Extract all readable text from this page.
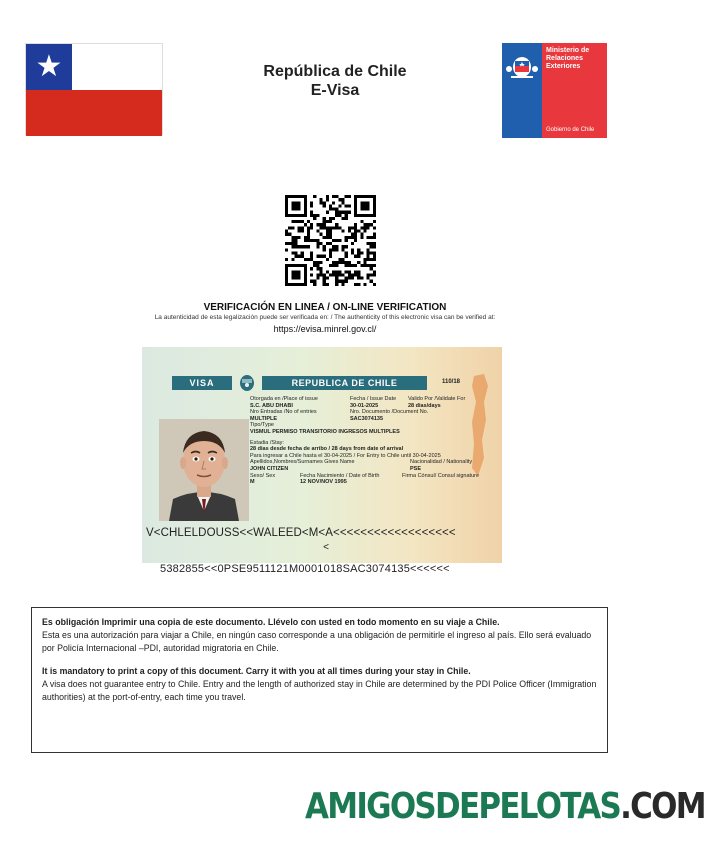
★	República de Chile
E-Visa
Ministerio de
Relaciones
Exteriores
Gobierno de Chile
VERIFICACIÓN EN LINEA / ON-LINE VERIFICATION
La autenticidad de esta legalización puede ser verificada en: / The authenticity of this electronic visa can be verified at:
https://evisa.minrel.gov.cl/
VISA	REPUBLICA DE CHILE	110/18
Otorgada en /Place of issue	Fecha / Issue Date	Valido Por /Validate For
S.C. ABU DHABI	30-01-2025	28 dias/days
Nro Entradas /No of entries	Nro. Documento /Document No.
MULTIPLE	SAC3074135
Tipo/Type
VISMUL PERMISO TRANSITORIO INGRESOS MULTIPLES
Estadia /Stay:
28 dias desde fecha de arribo / 28 days from date of arrival
Para ingresar a Chile hasta el 30-04-2025 / For Entry to Chile until 30-04-2025
Apellidos,Nombres/Surnames Gives Name	Nacionalidad / Nationality
JOHN CITIZEN	PSE
Sexo/ Sex	Fecha Nacimiento / Date of Birth	Firma Cónsul/ Consul signature
M	12 NOV/NOV 1995
V<CHLELDOUSS<<WALEED<M<A<<<<<<<<<<<<<<<<<<
<
5382855<<0PSE9511121M0001018SAC3074135<<<<<<

Es obligación Imprimir una copia de este documento. Llévelo con usted en todo momento en su viaje a Chile.

Esta es una autorización para viajar a Chile, en ningún caso corresponde a una obligación de permitirle el ingreso al país. Ello será evaluado por Policía Internacional –PDI, autoridad migratoria en Chile.

It is mandatory to print a copy of this document. Carry it with you at all times during your stay in Chile.

A visa does not guarantee entry to Chile. Entry and the length of authorized stay in Chile are determined by the PDI Police Officer (Immigration authorities) at the port-of-entry, each time you travel.

AMIGOSDEPELOTAS.COM
